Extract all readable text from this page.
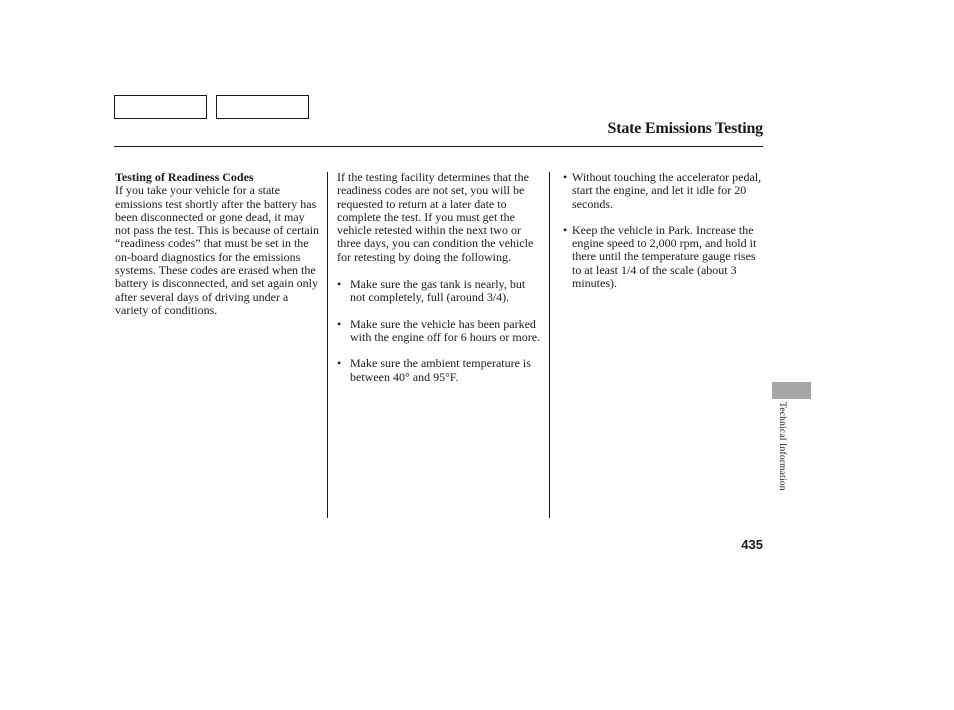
State Emissions Testing

Testing of Readiness Codes

If you take your vehicle for a state emissions test shortly after the battery has been disconnected or gone dead, it may not pass the test. This is because of certain “readiness codes” that must be set in the on-board diagnostics for the emissions systems. These codes are erased when the battery is disconnected, and set again only after several days of driving under a variety of conditions.

If the testing facility determines that the readiness codes are not set, you will be requested to return at a later date to complete the test. If you must get the vehicle retested within the next two or three days, you can condition the vehicle for retesting by doing the following.

• Make sure the gas tank is nearly, but not completely, full (around 3/4).
• Make sure the vehicle has been parked with the engine off for 6 hours or more.
• Make sure the ambient temperature is between 40° and 95°F.
• Without touching the accelerator pedal, start the engine, and let it idle for 20 seconds.
• Keep the vehicle in Park. Increase the engine speed to 2,000 rpm, and hold it there until the temperature gauge rises to at least 1/4 of the scale (about 3 minutes).
Technical Information
435
